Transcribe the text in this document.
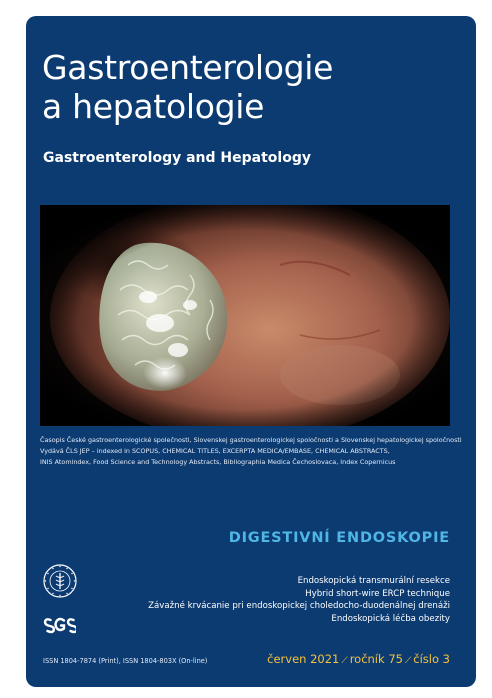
Gastroenterologie
a hepatologie
Gastroenterology and Hepatology
Časopis České gastroenterologické společnosti, Slovenskej gastroenterologickej spoločnosti a Slovenskej hepatologickej spoločnosti
Vydává ČLS JEP – indexed in SCOPUS, CHEMICAL TITLES, EXCERPTA MEDICA/EMBASE, CHEMICAL ABSTRACTS,
INIS Atomindex, Food Science and Technology Abstracts, Bibliographia Medica Čechoslovaca, Index Copernicus
DIGESTIVNÍ ENDOSKOPIE
Endoskopická transmurální resekce
Hybrid short-wire ERCP technique
Závažné krvácanie pri endoskopickej choledocho-duodenálnej drenáži
Endoskopická léčba obezity
ISSN 1804-7874 (Print), ISSN 1804-803X (On-line)	červen 2021 ⟋ ročník 75 ⟋ číslo 3
